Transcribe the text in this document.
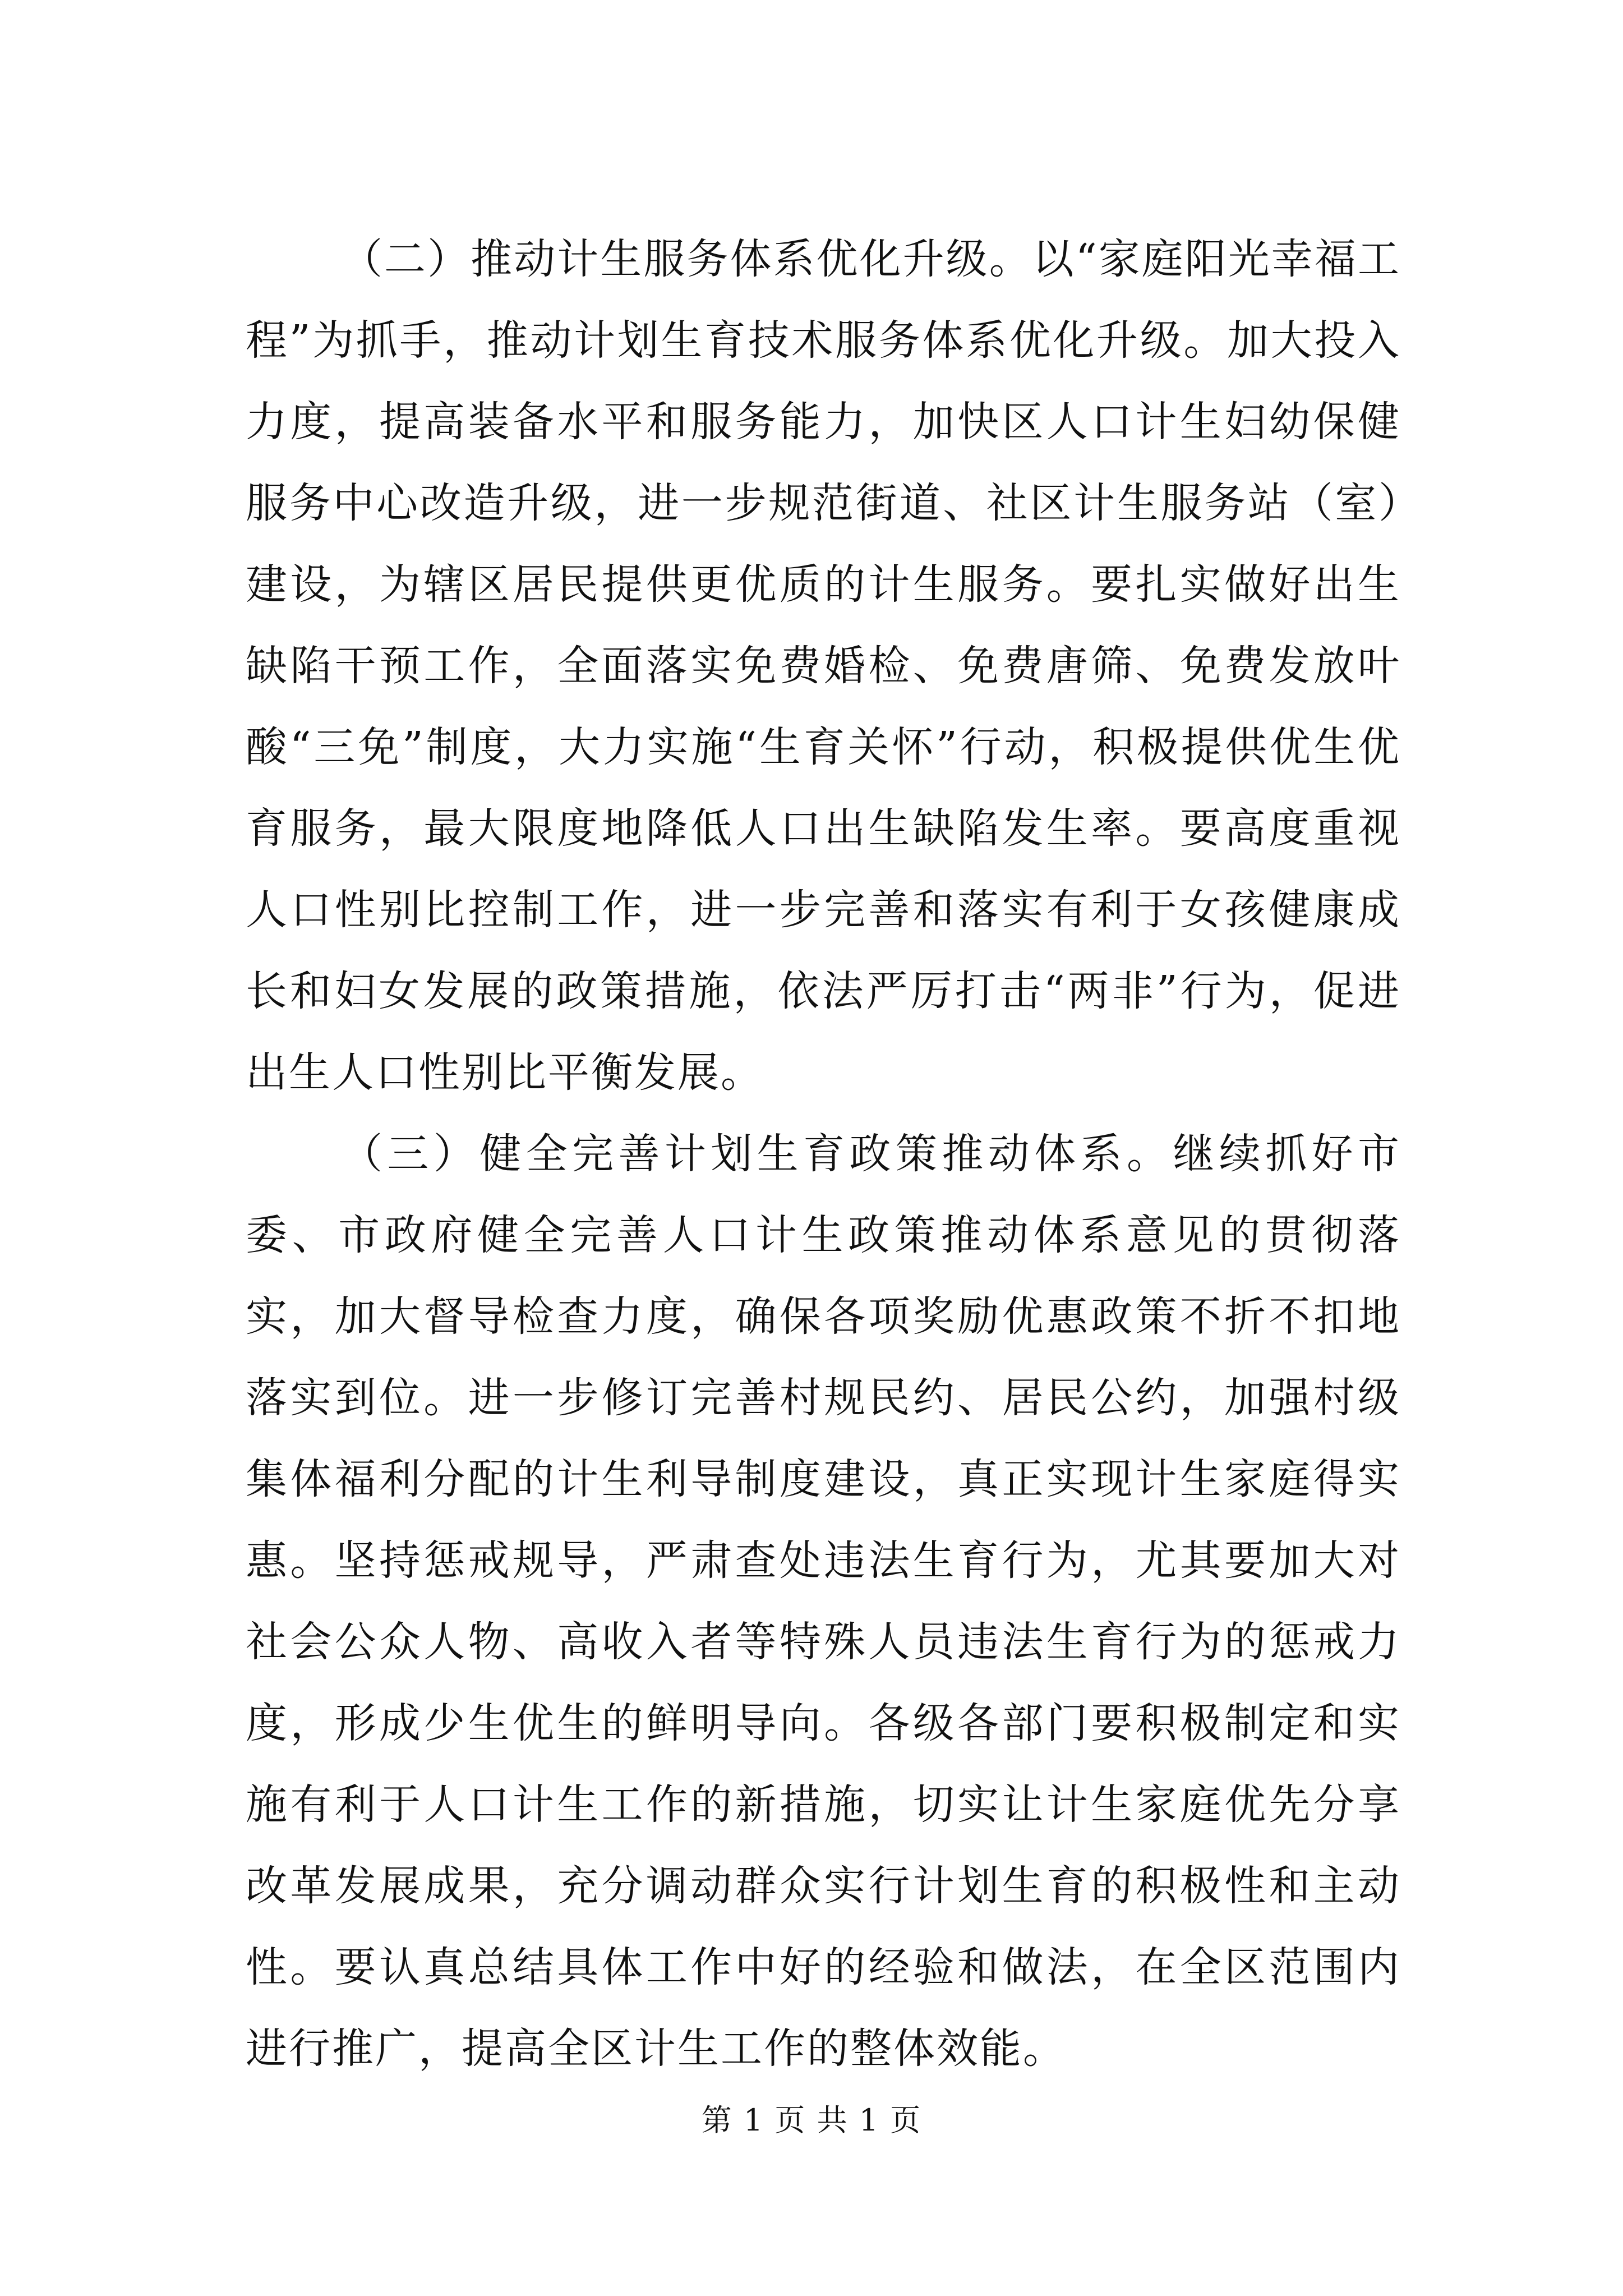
（二）推动计生服务体系优化升级。以“家庭阳光幸福工程”为抓手，推动计划生育技术服务体系优化升级。加大投入力度，提高装备水平和服务能力，加快区人口计生妇幼保健服务中心改造升级，进一步规范街道、社区计生服务站（室）建设，为辖区居民提供更优质的计生服务。要扎实做好出生缺陷干预工作，全面落实免费婚检、免费唐筛、免费发放叶酸“三免”制度，大力实施“生育关怀”行动，积极提供优生优育服务，最大限度地降低人口出生缺陷发生率。要高度重视人口性别比控制工作，进一步完善和落实有利于女孩健康成长和妇女发展的政策措施，依法严厉打击“两非”行为，促进出生人口性别比平衡发展。

（三）健全完善计划生育政策推动体系。继续抓好市委、市政府健全完善人口计生政策推动体系意见的贯彻落实，加大督导检查力度，确保各项奖励优惠政策不折不扣地落实到位。进一步修订完善村规民约、居民公约，加强村级集体福利分配的计生利导制度建设，真正实现计生家庭得实惠。坚持惩戒规导，严肃查处违法生育行为，尤其要加大对社会公众人物、高收入者等特殊人员违法生育行为的惩戒力度，形成少生优生的鲜明导向。各级各部门要积极制定和实施有利于人口计生工作的新措施，切实让计生家庭优先分享改革发展成果，充分调动群众实行计划生育的积极性和主动性。要认真总结具体工作中好的经验和做法，在全区范围内进行推广，提高全区计生工作的整体效能。

第 1 页 共 1 页
